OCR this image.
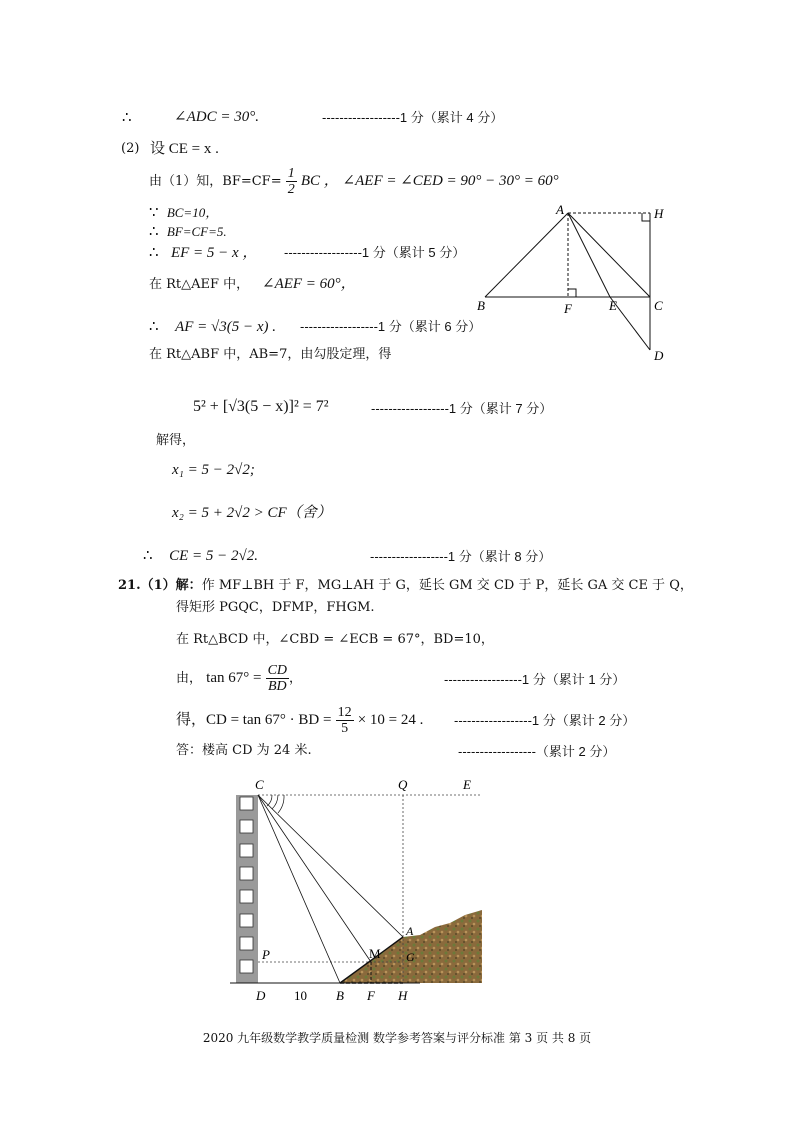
∴	∠ADC = 30°.	------------------1 分（累计 4 分）
(2) 设 CE = x .
由（1）知，$BF=CF= \frac{1}{2}$ BC ， ∠AEF = ∠CED = 90° − 30° = 60°
∵ BC=10，
∴ BF=CF=5.
∴ EF = 5 − x ， ------------------1 分（累计 5 分）
在 Rt△AEF 中， ∠AEF = 60°，
∴ AF = √3(5 − x) . ------------------1 分（累计 6 分）
在 Rt△ABF 中，AB=7，由勾股定理，得
5² + [√3(5 − x)]² = 7²	------------------1 分（累计 7 分）
解得，
x₁ = 5 − 2√2;
x₂ = 5 + 2√2 > CF（舍）
∴ CE = 5 − 2√2.	------------------1 分（累计 8 分）
21.（1）解：作 MF⊥BH 于 F，MG⊥AH 于 G，延长 GM 交 CD 于 P，延长 GA 交 CE 于 Q，
得矩形 PGQC，DFMP，FHGM.
在 Rt△BCD 中，∠CBD = ∠ECB = 67°，BD=10，
由， $\tan 67^\circ = \frac{CD}{BD}$ ，	------------------1 分（累计 1 分）
得，CD = tan 67° · BD = $\frac{12}{5} \times 10 = 24$ . ------------------1 分（累计 2 分）
答：楼高 CD 为 24 米.	------------------（累计 2 分）
A	H
B	F	E	C
D
C	Q	E
A
M G
P
D 10 B F H
2020 九年级数学教学质量检测 数学参考答案与评分标准 第 3 页 共 8 页
